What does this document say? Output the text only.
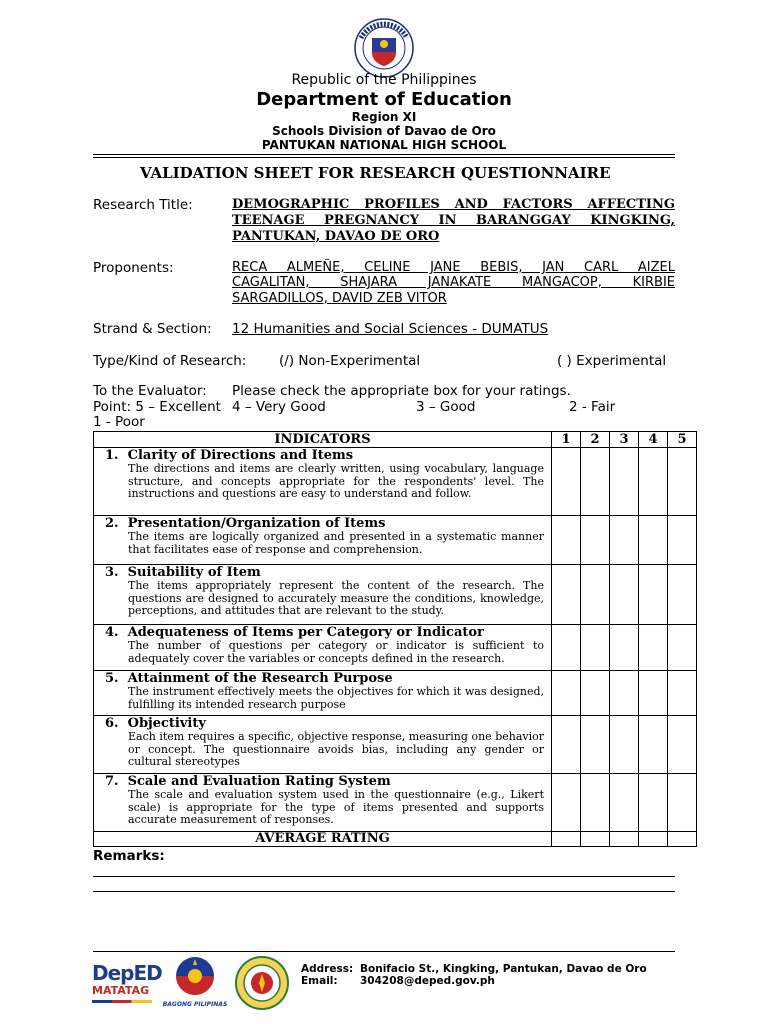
Republic of the Philippines
Department of Education
Region XI
Schools Division of Davao de Oro
PANTUKAN NATIONAL HIGH SCHOOL
VALIDATION SHEET FOR RESEARCH QUESTIONNAIRE
Research Title:	DEMOGRAPHIC PROFILES AND FACTORS AFFECTING
TEENAGE PREGNANCY IN BARANGGAY KINGKING,
PANTUKAN, DAVAO DE ORO
Proponents:	RECA ALMEÑE, CELINE JANE BEBIS, JAN CARL AIZEL
CAGALITAN, SHAJARA JANAKATE MANGACOP, KIRBIE
SARGADILLOS, DAVID ZEB VITOR
Strand & Section: 12 Humanities and Social Sciences - DUMATUS
Type/Kind of Research: (/) Non-Experimental	( ) Experimental
To the Evaluator: Please check the appropriate box for your ratings.
Point: 5 – Excellent 4 – Very Good	3 – Good	2 - Fair
1 - Poor
INDICATORS	1	2	3	4	5

1.  Clarity of Directions and Items
The directions and items are clearly written, using vocabulary, language structure, and concepts appropriate for the respondents' level. The instructions and questions are easy to understand and follow.					

2.  Presentation/Organization of Items
The items are logically organized and presented in a systematic manner that facilitates ease of response and comprehension.					

3.  Suitability of Item
The items appropriately represent the content of the research. The questions are designed to accurately measure the conditions, knowledge, perceptions, and attitudes that are relevant to the study.					

4.  Adequateness of Items per Category or Indicator
The number of questions per category or indicator is sufficient to adequately cover the variables or concepts defined in the research.					

5.  Attainment of the Research Purpose
The instrument effectively meets the objectives for which it was designed, fulfilling its intended research purpose					

6.  Objectivity
Each item requires a specific, objective response, measuring one behavior or concept. The questionnaire avoids bias, including any gender or cultural stereotypes					

7.  Scale and Evaluation Rating System
The scale and evaluation system used in the questionnaire (e.g., Likert scale) is appropriate for the type of items presented and supports accurate measurement of responses.					

AVERAGE RATING					
Remarks:
DepED
MATATAG
BAGONG PILIPINAS
Address: Bonifacio St., Kingking, Pantukan, Davao de Oro
Email: 304208@deped.gov.ph
